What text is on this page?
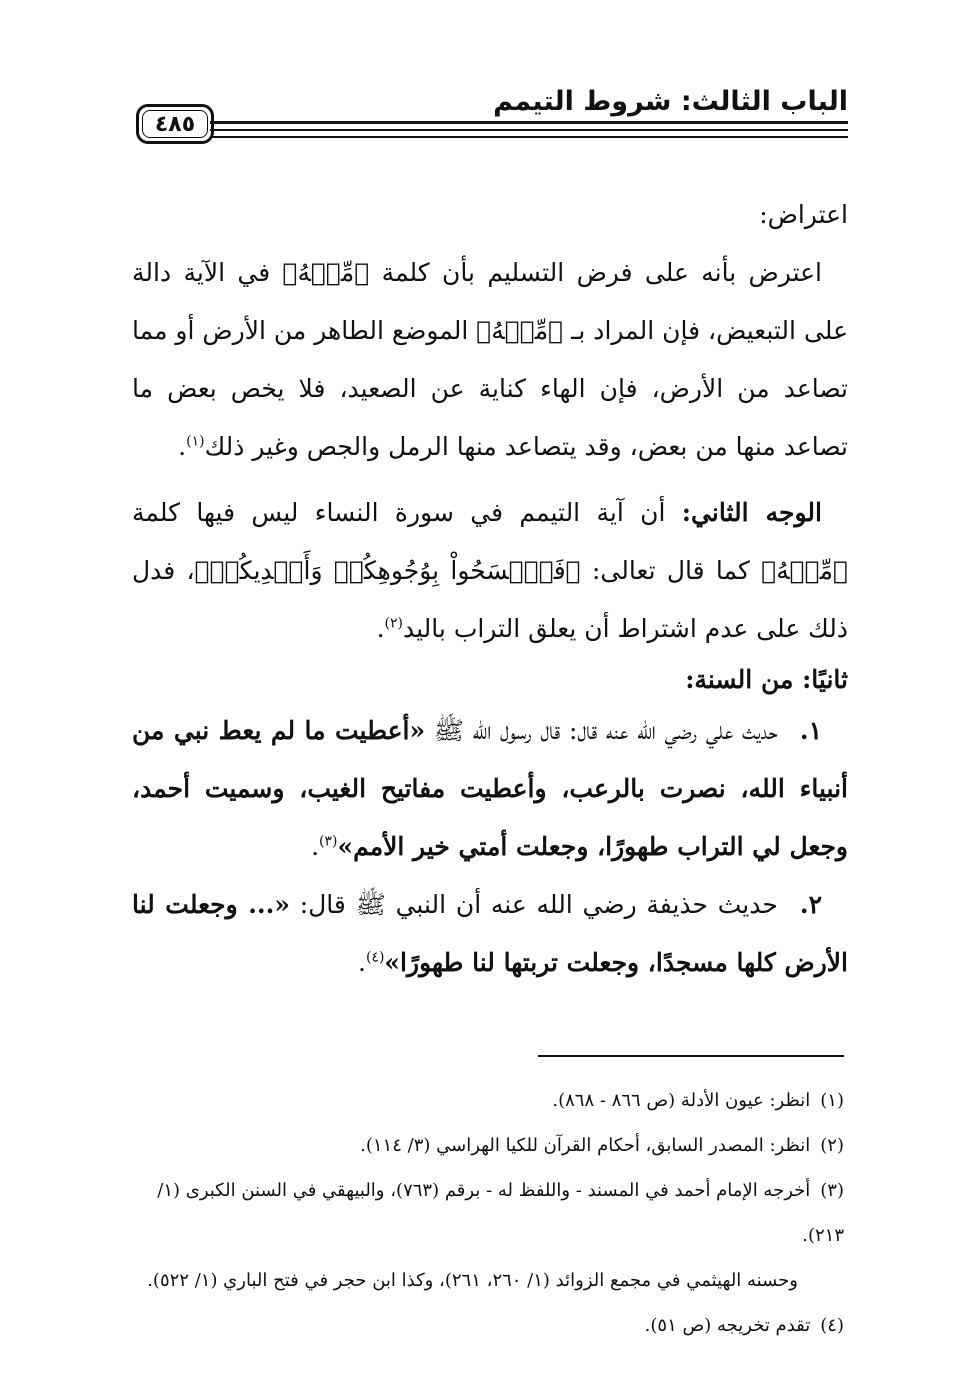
الباب الثالث: شروط التيمم
٤٨٥

اعتراض:

اعترض بأنه على فرض التسليم بأن كلمة ﴿مِّنۡهُ﴾ في الآية دالة على التبعيض، فإن المراد بـ ﴿مِّنۡهُ﴾ الموضع الطاهر من الأرض أو مما تصاعد من الأرض، فإن الهاء كناية عن الصعيد، فلا يخص بعض ما تصاعد منها من بعض، وقد يتصاعد منها الرمل والجص وغير ذلك$^{(١)}$.

الوجه الثاني: أن آية التيمم في سورة النساء ليس فيها كلمة ﴿مِّنۡهُ﴾ كما قال تعالى: ﴿فَٱمۡسَحُواْ بِوُجُوهِكُمۡ وَأَيۡدِيكُمۡ﴾، فدل ذلك على عدم اشتراط أن يعلق التراب باليد$^{(٢)}$.

ثانيًا: من السنة:

١.حديث علي رضي الله عنه قال: قال رسول الله ﷺ «أعطيت ما لم يعط نبي من أنبياء الله، نصرت بالرعب، وأعطيت مفاتيح الغيب، وسميت أحمد، وجعل لي التراب طهورًا، وجعلت أمتي خير الأمم»$^{(٣)}$.

٢.حديث حذيفة رضي الله عنه أن النبي ﷺ قال: «... وجعلت لنا الأرض كلها مسجدًا، وجعلت تربتها لنا طهورًا»$^{(٤)}$.

(١)انظر: عيون الأدلة (ص ٨٦٦ - ٨٦٨).

(٢)انظر: المصدر السابق، أحكام القرآن للكيا الهراسي (٣/ ١١٤).

(٣)أخرجه الإمام أحمد في المسند - واللفظ له - برقم (٧٦٣)، والبيهقي في السنن الكبرى (١/ ٢١٣).

وحسنه الهيثمي في مجمع الزوائد (١/ ٢٦٠، ٢٦١)، وكذا ابن حجر في فتح الباري (١/ ٥٢٢).

(٤)تقدم تخريجه (ص ٥١).
